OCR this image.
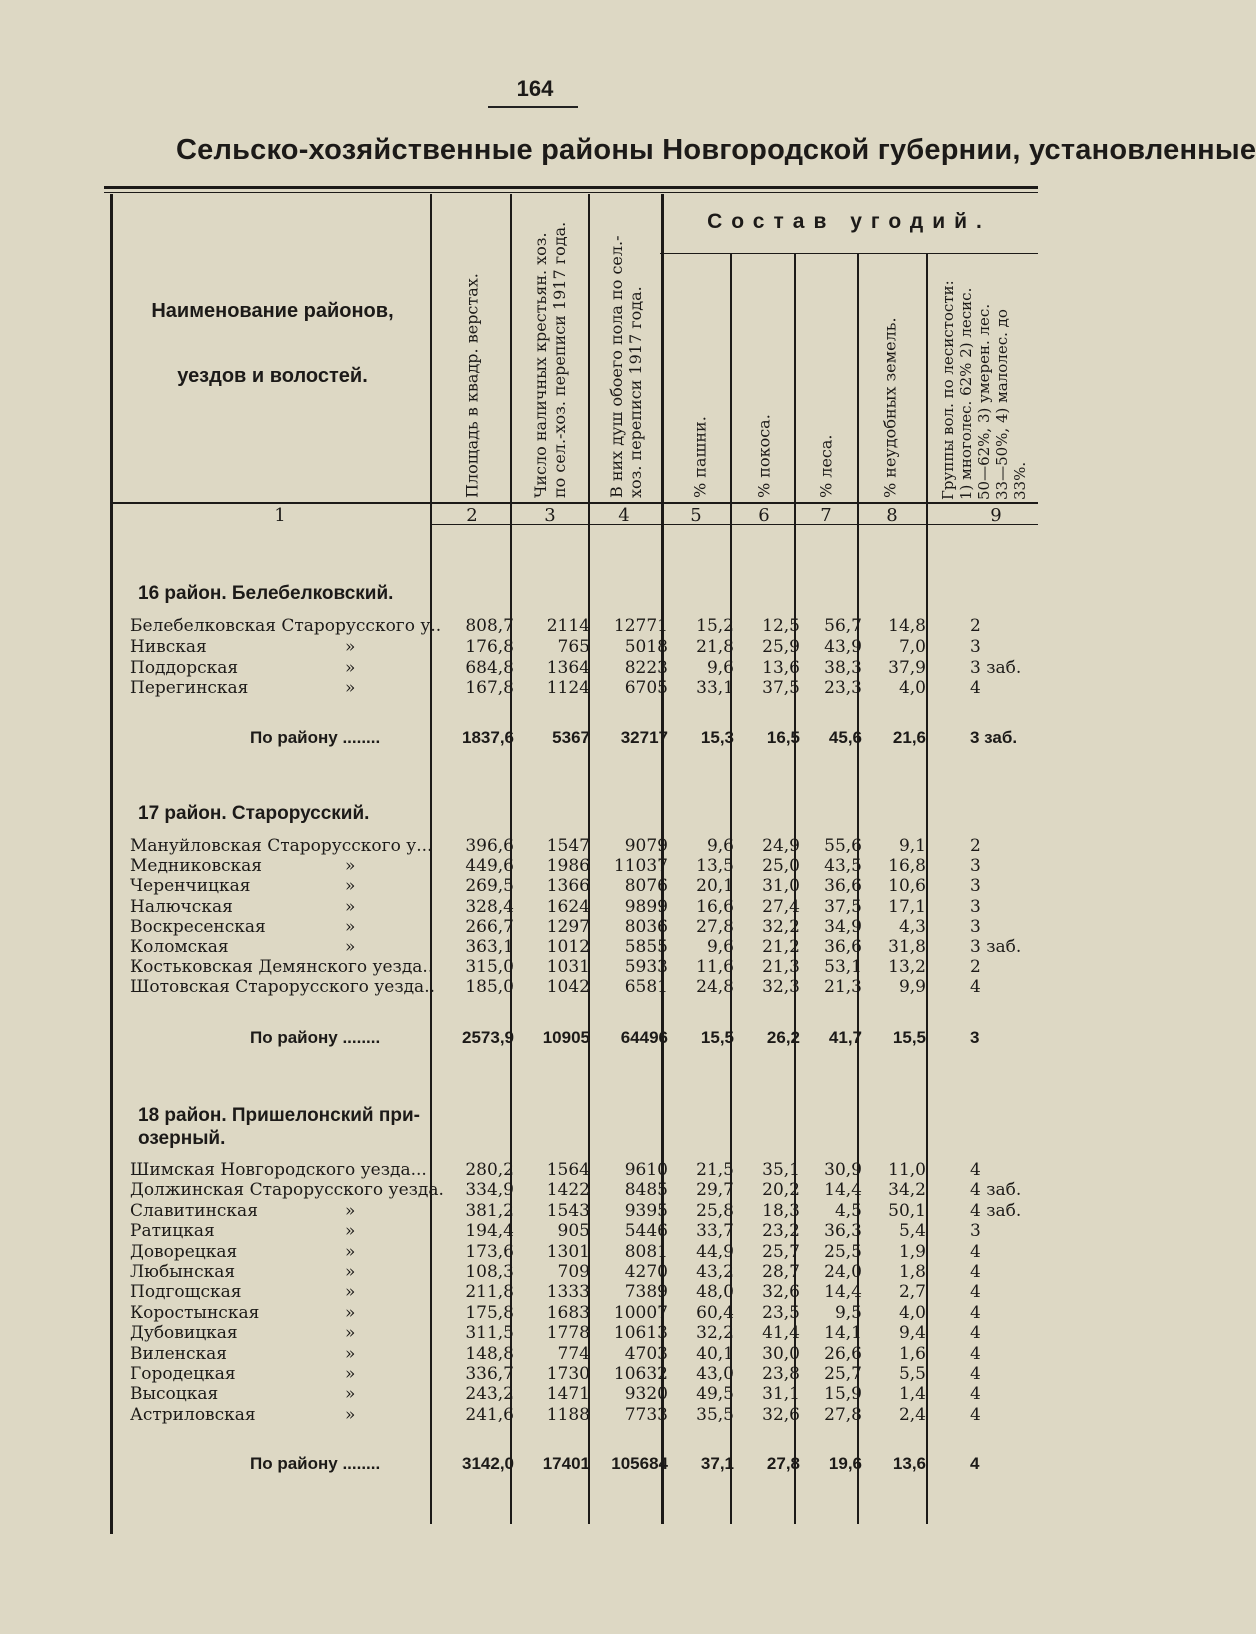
164
Сельско-хозяйственные районы Новгородской губернии, установленные
Наименование районов,
уездов и волостей.	Площадь в квадр. верстах.	Число наличных крестьян. хоз.
по сел.-хоз. переписи 1917 года.
В них душ обоего пола по сел.-
хоз. переписи 1917 года.
Состав угодий.
% пашни.	% покоса.	% леса.	% неудобных земель.	Группы вол. по лесистости:
1) многолес. 62% 2) лесис.
50—62%, 3) умерен. лес.
33—50%, 4) малолес. до
33%.
1	2	3	4	5	6	7	8	9
16 район. Белебелковский.
Белебелковская Старорусского у..	808,7	2114	12771	15,2	12,5	56,7	14,8	2
Нивская	»	176,8	765	5018	21,8	25,9	43,9	7,0	3
Поддорская	»	684,8	1364	8223	9,6	13,6	38,3	37,9	3 заб.
Перегинская	»	167,8	1124	6705	33,1	37,5	23,3	4,0	4
По району ........	1837,6	5367	32717	15,3	16,5	45,6	21,6	3 заб.
17 район. Старорусский.
Мануйловская Старорусского у...	396,6	1547	9079	9,6	24,9	55,6	9,1	2
Медниковская	»	449,6	1986	11037	13,5	25,0	43,5	16,8	3
Черенчицкая	»	269,5	1366	8076	20,1	31,0	36,6	10,6	3
Налючская	»	328,4	1624	9899	16,6	27,4	37,5	17,1	3
Воскресенская	»	266,7	1297	8036	27,8	32,2	34,9	4,3	3
Коломская	»	363,1	1012	5855	9,6	21,2	36,6	31,8	3 заб.
Костьковская Демянского уезда..	315,0	1031	5933	11,6	21,3	53,1	13,2	2
Шотовская Старорусского уезда..	185,0	1042	6581	24,8	32,3	21,3	9,9	4
По району ........	2573,9	10905	64496	15,5	26,2	41,7	15,5	3
18 район. Пришелонский при-
озерный.
Шимская Новгородского уезда...	280,2	1564	9610	21,5	35,1	30,9	11,0	4
Должинская Старорусского уезда.	334,9	1422	8485	29,7	20,2	14,4	34,2	4 заб.
Славитинская	»	381,2	1543	9395	25,8	18,3	4,5	50,1	4 заб.
Ратицкая	»	194,4	905	5446	33,7	23,2	36,3	5,4	3
Доворецкая	»	173,6	1301	8081	44,9	25,7	25,5	1,9	4
Любынская	»	108,3	709	4270	43,2	28,7	24,0	1,8	4
Подгощская	»	211,8	1333	7389	48,0	32,6	14,4	2,7	4
Коростынская	»	175,8	1683	10007	60,4	23,5	9,5	4,0	4
Дубовицкая	»	311,5	1778	10613	32,2	41,4	14,1	9,4	4
Виленская	»	148,8	774	4703	40,1	30,0	26,6	1,6	4
Городецкая	»	336,7	1730	10632	43,0	23,8	25,7	5,5	4
Высоцкая	»	243,2	1471	9320	49,5	31,1	15,9	1,4	4
Астриловская	»	241,6	1188	7733	35,5	32,6	27,8	2,4	4
По району ........	3142,0	17401	105684	37,1	27,8	19,6	13,6	4
